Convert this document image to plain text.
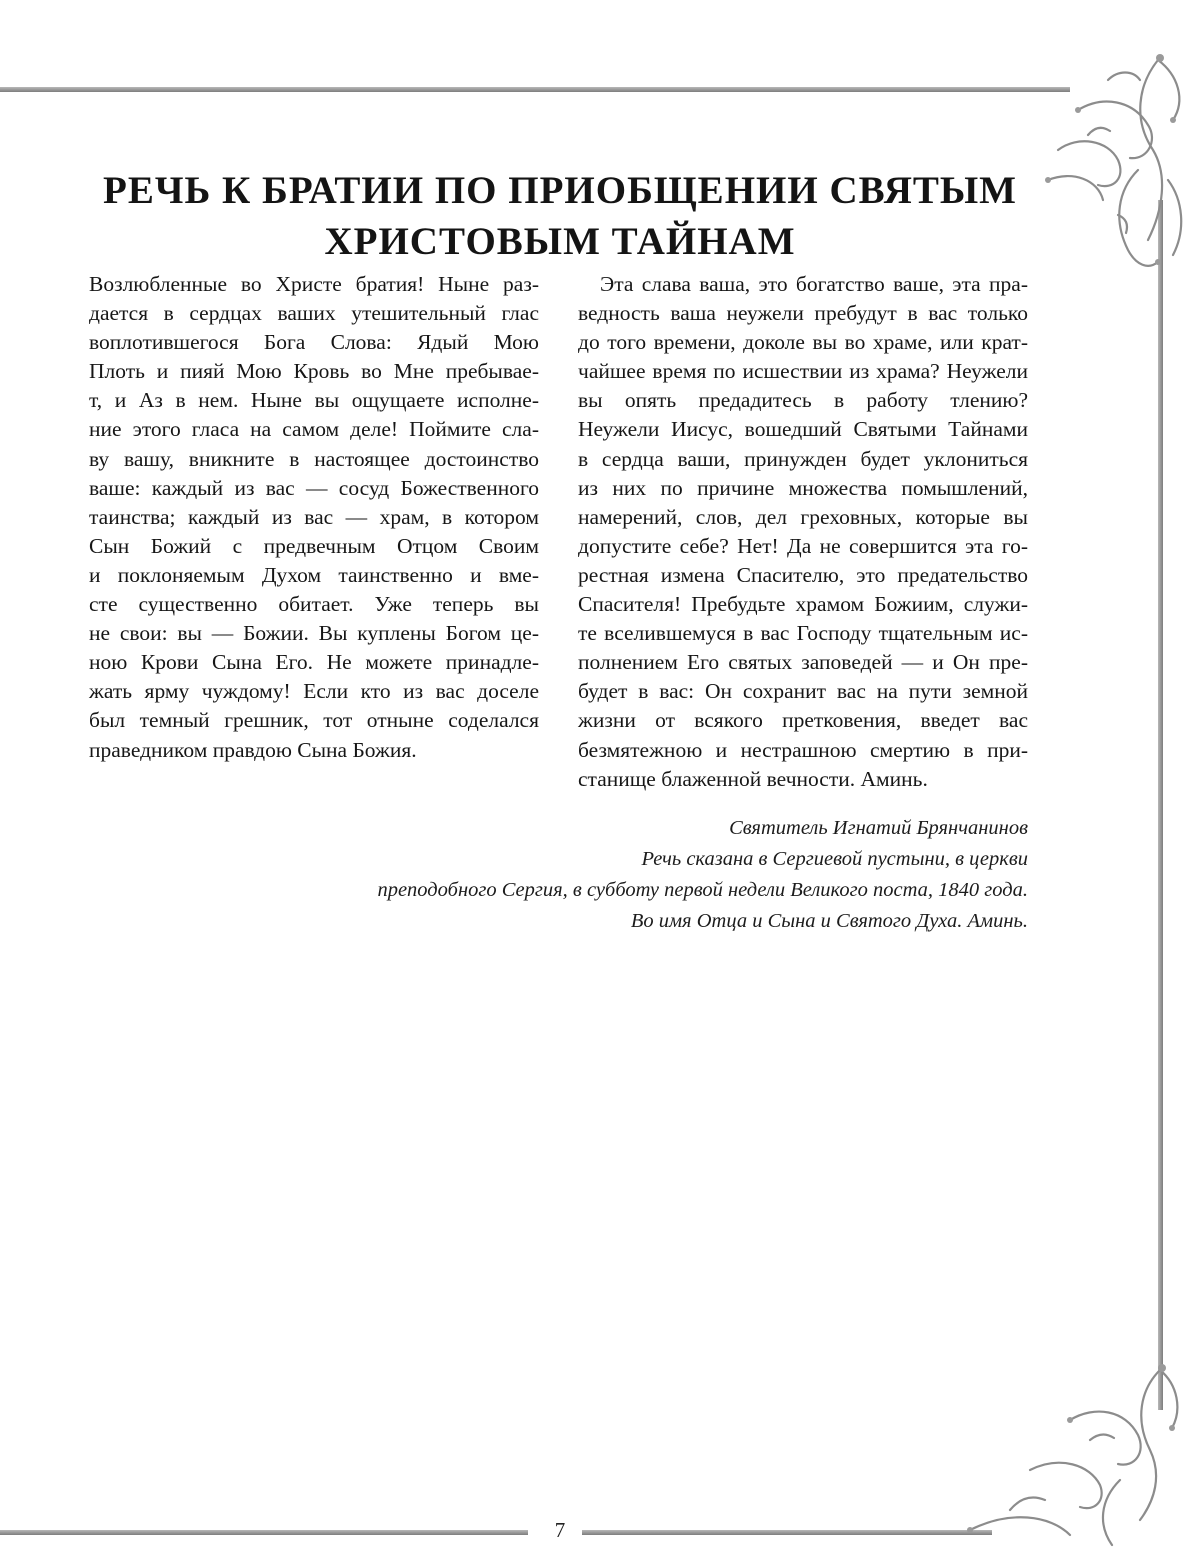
РЕЧЬ К БРАТИИ ПО ПРИОБЩЕНИИ СВЯТЫМ
ХРИСТОВЫМ ТАЙНАМ
Возлюбленные во Христе братия! Ныне раз-
дается в сердцах ваших утешительный глас
воплотившегося Бога Слова: Ядый Мою
Плоть и пияй Мою Кровь во Мне пребывае-
т, и Аз в нем. Ныне вы ощущаете исполне-
ние этого гласа на самом деле! Поймите сла-
ву вашу, вникните в настоящее достоинство
ваше: каждый из вас — сосуд Божественного
таинства; каждый из вас — храм, в котором
Сын Божий с предвечным Отцом Своим
и поклоняемым Духом таинственно и вме-
сте существенно обитает. Уже теперь вы
не свои: вы — Божии. Вы куплены Богом це-
ною Крови Сына Его. Не можете принадле-
жать ярму чуждому! Если кто из вас доселе
был темный грешник, тот отныне соделался
праведником правдою Сына Божия.
Эта слава ваша, это богатство ваше, эта пра-
ведность ваша неужели пребудут в вас только
до того времени, доколе вы во храме, или крат-
чайшее время по исшествии из храма? Неужели
вы опять предадитесь в работу тлению?
Неужели Иисус, вошедший Святыми Тайнами
в сердца ваши, принужден будет уклониться
из них по причине множества помышлений,
намерений, слов, дел греховных, которые вы
допустите себе? Нет! Да не совершится эта го-
рестная измена Спасителю, это предательство
Спасителя! Пребудьте храмом Божиим, служи-
те вселившемуся в вас Господу тщательным ис-
полнением Его святых заповедей — и Он пре-
будет в вас: Он сохранит вас на пути земной
жизни от всякого претковения, введет вас
безмятежною и нестрашною смертию в при-
станище блаженной вечности. Аминь.
Святитель Игнатий Брянчанинов
Речь сказана в Сергиевой пустыни, в церкви
преподобного Сергия, в субботу первой недели Великого поста, 1840 года.
Во имя Отца и Сына и Святого Духа. Аминь.
7
